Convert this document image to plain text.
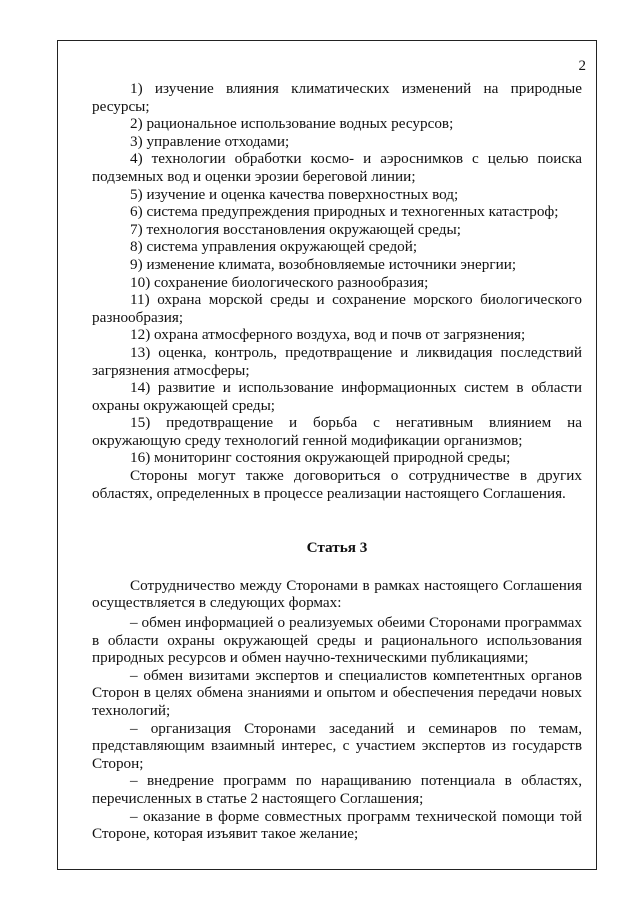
2

1) изучение влияния климатических изменений на природные ресурсы;

2) рациональное использование водных ресурсов;

3) управление отходами;

4) технологии обработки космо- и аэроснимков с целью поиска подземных вод и оценки эрозии береговой линии;

5) изучение и оценка качества поверхностных вод;

6) система предупреждения природных и техногенных катастроф;

7) технология восстановления окружающей среды;

8) система управления окружающей средой;

9) изменение климата, возобновляемые источники энергии;

10) сохранение биологического разнообразия;

11) охрана морской среды и сохранение морского биологического разнообразия;

12) охрана атмосферного воздуха, вод и почв от загрязнения;

13) оценка, контроль, предотвращение и ликвидация последствий загрязнения атмосферы;

14) развитие и использование информационных систем в области охраны окружающей среды;

15) предотвращение и борьба с негативным влиянием на окружающую среду технологий генной модификации организмов;

16) мониторинг состояния окружающей природной среды;

Стороны могут также договориться о сотрудничестве в других областях, определенных в процессе реализации настоящего Соглашения.

Статья 3

Сотрудничество между Сторонами в рамках настоящего Соглашения осуществляется в следующих формах:

– обмен информацией о реализуемых обеими Сторонами программах в области охраны окружающей среды и рационального использования природных ресурсов и обмен научно-техническими публикациями;

– обмен визитами экспертов и специалистов компетентных органов Сторон в целях обмена знаниями и опытом и обеспечения передачи новых технологий;

– организация Сторонами заседаний и семинаров по темам, представляющим взаимный интерес, с участием экспертов из государств Сторон;

– внедрение программ по наращиванию потенциала в областях, перечисленных в статье 2 настоящего Соглашения;

– оказание в форме совместных программ технической помощи той Стороне, которая изъявит такое желание;
